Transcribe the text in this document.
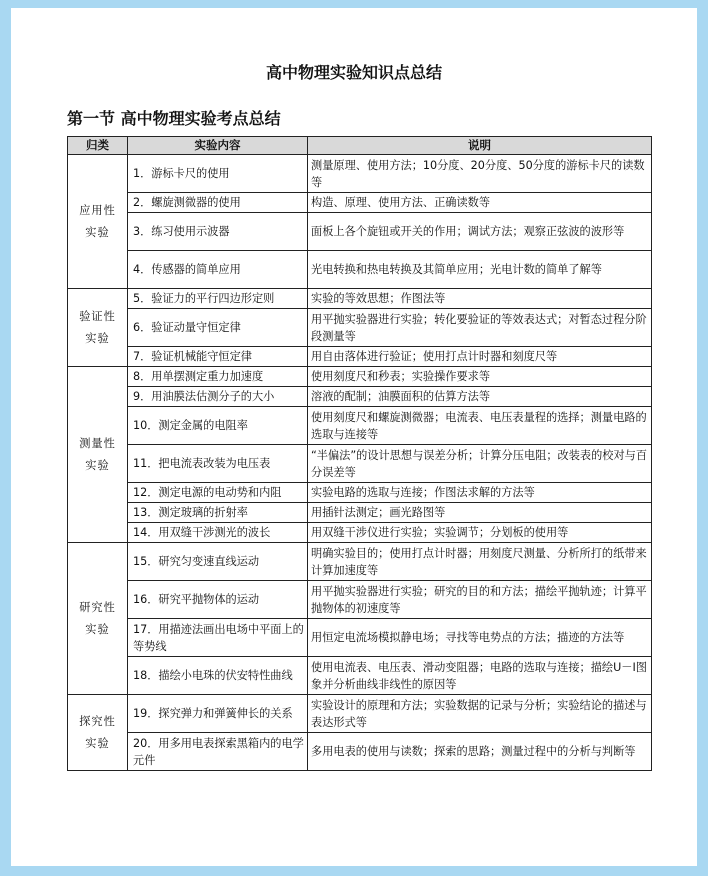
高中物理实验知识点总结
第一节 高中物理实验考点总结
归类	实验内容	说明

应用性
实验	1．游标卡尺的使用	测量原理、使用方法；10分度、20分度、50分度的游标卡尺的读数等
	2．螺旋测微器的使用	构造、原理、使用方法、正确读数等
	3．练习使用示波器	面板上各个旋钮或开关的作用；调试方法；观察正弦波的波形等
	4．传感器的简单应用	光电转换和热电转换及其简单应用；光电计数的简单了解等

验证性
实验	5．验证力的平行四边形定则	实验的等效思想；作图法等
	6．验证动量守恒定律	用平抛实验器进行实验；转化要验证的等效表达式；对暂态过程分阶段测量等
	7．验证机械能守恒定律	用自由落体进行验证；使用打点计时器和刻度尺等

测量性
实验	8．用单摆测定重力加速度	使用刻度尺和秒表；实验操作要求等
	9．用油膜法估测分子的大小	溶液的配制；油膜面积的估算方法等
	10．测定金属的电阻率	使用刻度尺和螺旋测微器；电流表、电压表量程的选择；测量电路的选取与连接等
	11．把电流表改装为电压表	“半偏法”的设计思想与误差分析；计算分压电阻；改装表的校对与百分误差等
	12．测定电源的电动势和内阻	实验电路的选取与连接；作图法求解的方法等
	13．测定玻璃的折射率	用插针法测定；画光路图等
	14．用双缝干涉测光的波长	用双缝干涉仪进行实验；实验调节；分划板的使用等

研究性
实验	15．研究匀变速直线运动	明确实验目的；使用打点计时器；用刻度尺测量、分析所打的纸带来计算加速度等
	16．研究平抛物体的运动	用平抛实验器进行实验；研究的目的和方法；描绘平抛轨迹；计算平抛物体的初速度等
	17．用描迹法画出电场中平面上的等势线	用恒定电流场模拟静电场；寻找等电势点的方法；描迹的方法等
	18．描绘小电珠的伏安特性曲线	使用电流表、电压表、滑动变阻器；电路的选取与连接；描绘U－I图象并分析曲线非线性的原因等

探究性
实验	19．探究弹力和弹簧伸长的关系	实验设计的原理和方法；实验数据的记录与分析；实验结论的描述与表达形式等
	20．用多用电表探索黑箱内的电学元件	多用电表的使用与读数；探索的思路；测量过程中的分析与判断等
